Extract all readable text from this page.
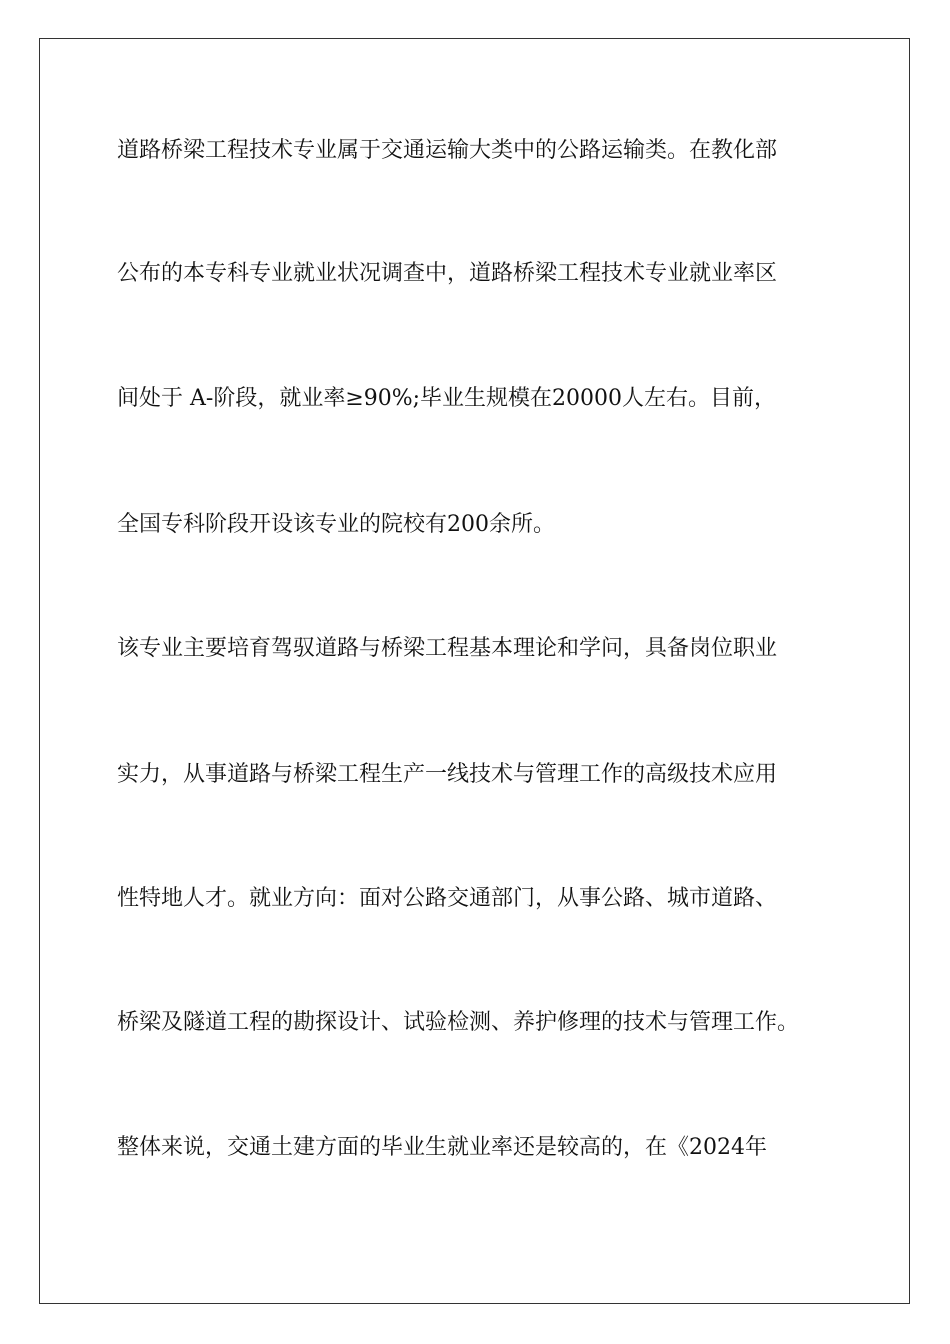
道路桥梁工程技术专业属于交通运输大类中的公路运输类。在教化部

公布的本专科专业就业状况调查中，道路桥梁工程技术专业就业率区

间处于 A-阶段，就业率≥90%;毕业生规模在20000人左右。目前，

全国专科阶段开设该专业的院校有200余所。

该专业主要培育驾驭道路与桥梁工程基本理论和学问，具备岗位职业

实力，从事道路与桥梁工程生产一线技术与管理工作的高级技术应用

性特地人才。就业方向：面对公路交通部门，从事公路、城市道路、

桥梁及隧道工程的勘探设计、试验检测、养护修理的技术与管理工作。

整体来说，交通土建方面的毕业生就业率还是较高的，在《2024年
